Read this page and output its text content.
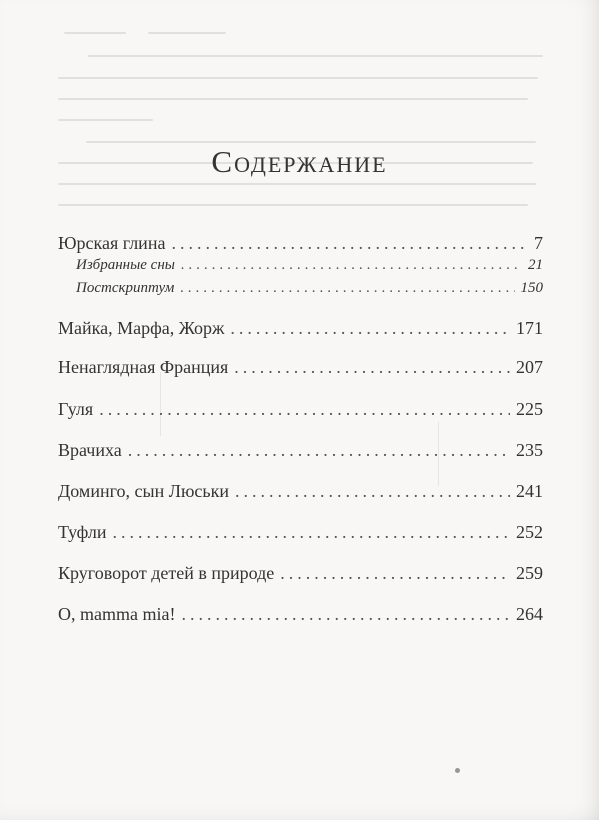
Содержание
Юрская глина .....	7
Избранные сны .....	21
Постскриптум .....	150
Майка, Марфа, Жорж .....	171
Ненаглядная Франция .....	207
Гуля .....	225
Врачиха .....	235
Доминго, сын Люськи .....	241
Туфли .....	252
Круговорот детей в природе .....	259
О, mamma mia! .....	264
